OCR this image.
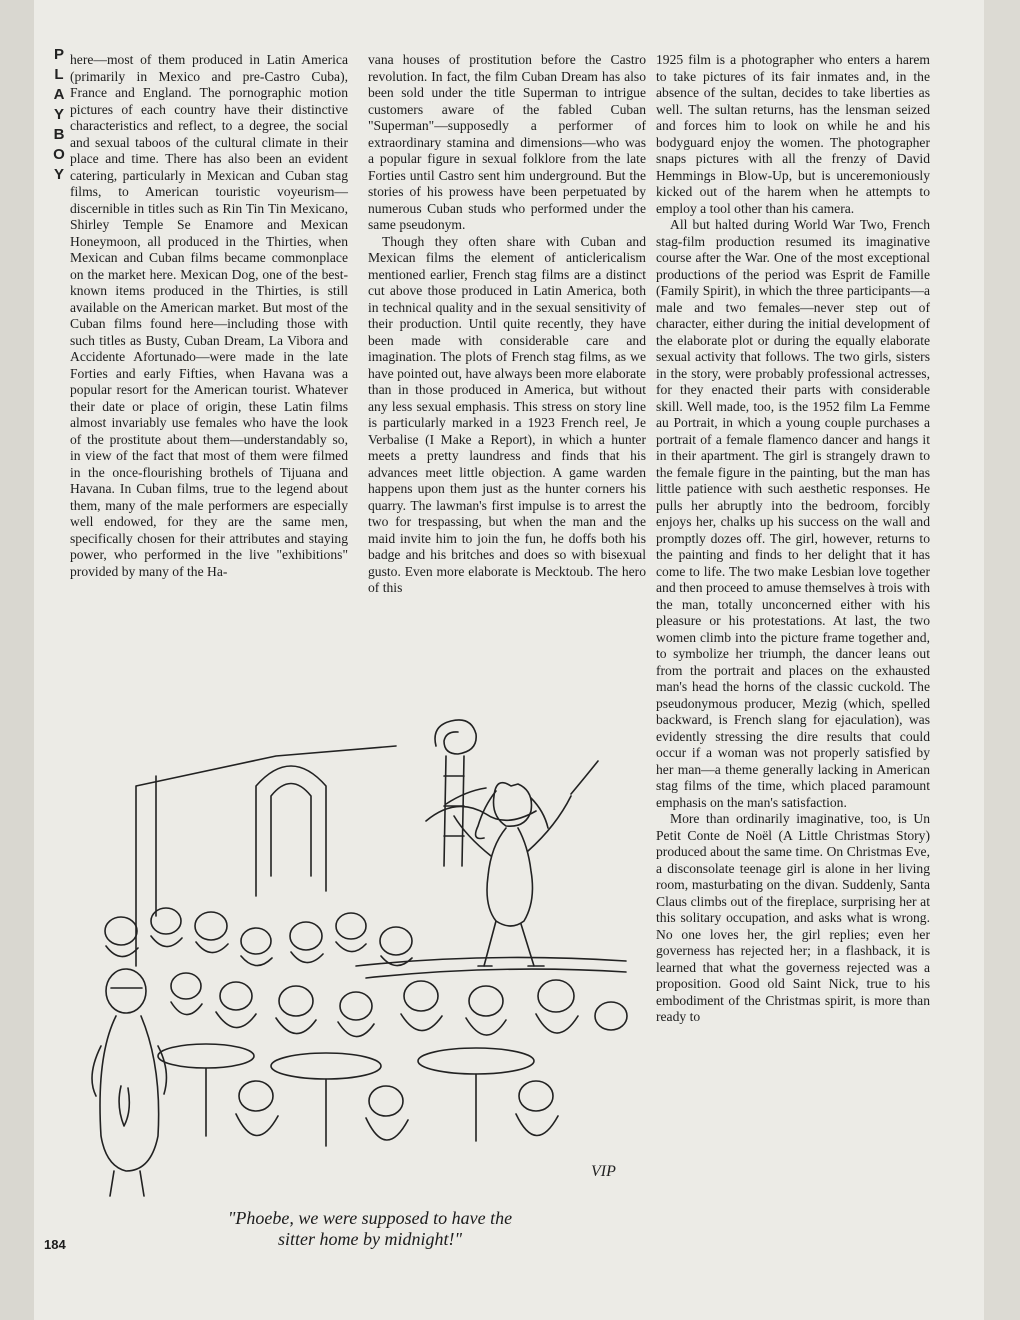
P
L
A
Y
B
O
Y

here—most of them produced in Latin America (primarily in Mexico and pre-Castro Cuba), France and England. The pornographic motion pictures of each country have their distinctive characteristics and reflect, to a degree, the social and sexual taboos of the cultural climate in their place and time. There has also been an evident catering, particularly in Mexican and Cuban stag films, to American touristic voyeurism—discernible in titles such as Rin Tin Tin Mexicano, Shirley Temple Se Enamore and Mexican Honeymoon, all produced in the Thirties, when Mexican and Cuban films became commonplace on the market here. Mexican Dog, one of the best-known items produced in the Thirties, is still available on the American market. But most of the Cuban films found here—including those with such titles as Busty, Cuban Dream, La Vibora and Accidente Afortunado—were made in the late Forties and early Fifties, when Havana was a popular resort for the American tourist. Whatever their date or place of origin, these Latin films almost invariably use females who have the look of the prostitute about them—understandably so, in view of the fact that most of them were filmed in the once-flourishing brothels of Tijuana and Havana. In Cuban films, true to the legend about them, many of the male performers are especially well endowed, for they are the same men, specifically chosen for their attributes and staying power, who performed in the live "exhibitions" provided by many of the Ha-

vana houses of prostitution before the Castro revolution. In fact, the film Cuban Dream has also been sold under the title Superman to intrigue customers aware of the fabled Cuban "Superman"—supposedly a performer of extraordinary stamina and dimensions—who was a popular figure in sexual folklore from the late Forties until Castro sent him underground. But the stories of his prowess have been perpetuated by numerous Cuban studs who performed under the same pseudonym.

Though they often share with Cuban and Mexican films the element of anticlericalism mentioned earlier, French stag films are a distinct cut above those produced in Latin America, both in technical quality and in the sexual sensitivity of their production. Until quite recently, they have been made with considerable care and imagination. The plots of French stag films, as we have pointed out, have always been more elaborate than in those produced in America, but without any less sexual emphasis. This stress on story line is particularly marked in a 1923 French reel, Je Verbalise (I Make a Report), in which a hunter meets a pretty laundress and finds that his advances meet little objection. A game warden happens upon them just as the hunter corners his quarry. The lawman's first impulse is to arrest the two for trespassing, but when the man and the maid invite him to join the fun, he doffs both his badge and his britches and does so with bisexual gusto. Even more elaborate is Mecktoub. The hero of this

1925 film is a photographer who enters a harem to take pictures of its fair inmates and, in the absence of the sultan, decides to take liberties as well. The sultan returns, has the lensman seized and forces him to look on while he and his bodyguard enjoy the women. The photographer snaps pictures with all the frenzy of David Hemmings in Blow-Up, but is unceremoniously kicked out of the harem when he attempts to employ a tool other than his camera.

All but halted during World War Two, French stag-film production resumed its imaginative course after the War. One of the most exceptional productions of the period was Esprit de Famille (Family Spirit), in which the three participants—a male and two females—never step out of character, either during the initial development of the elaborate plot or during the equally elaborate sexual activity that follows. The two girls, sisters in the story, were probably professional actresses, for they enacted their parts with considerable skill. Well made, too, is the 1952 film La Femme au Portrait, in which a young couple purchases a portrait of a female flamenco dancer and hangs it in their apartment. The girl is strangely drawn to the female figure in the painting, but the man has little patience with such aesthetic responses. He pulls her abruptly into the bedroom, forcibly enjoys her, chalks up his success on the wall and promptly dozes off. The girl, however, returns to the painting and finds to her delight that it has come to life. The two make Lesbian love together and then proceed to amuse themselves à trois with the man, totally unconcerned either with his pleasure or his protestations. At last, the two women climb into the picture frame together and, to symbolize her triumph, the dancer leans out from the portrait and places on the exhausted man's head the horns of the classic cuckold. The pseudonymous producer, Mezig (which, spelled backward, is French slang for ejaculation), was evidently stressing the dire results that could occur if a woman was not properly satisfied by her man—a theme generally lacking in American stag films of the time, which placed paramount emphasis on the man's satisfaction.

More than ordinarily imaginative, too, is Un Petit Conte de Noël (A Little Christmas Story) produced about the same time. On Christmas Eve, a disconsolate teenage girl is alone in her living room, masturbating on the divan. Suddenly, Santa Claus climbs out of the fireplace, surprising her at this solitary occupation, and asks what is wrong. No one loves her, the girl replies; even her governess has rejected her; in a flashback, it is learned that what the governess rejected was a proposition. Good old Saint Nick, true to his embodiment of the Christmas spirit, is more than ready to

VIP
"Phoebe, we were supposed to have the
sitter home by midnight!"
184
